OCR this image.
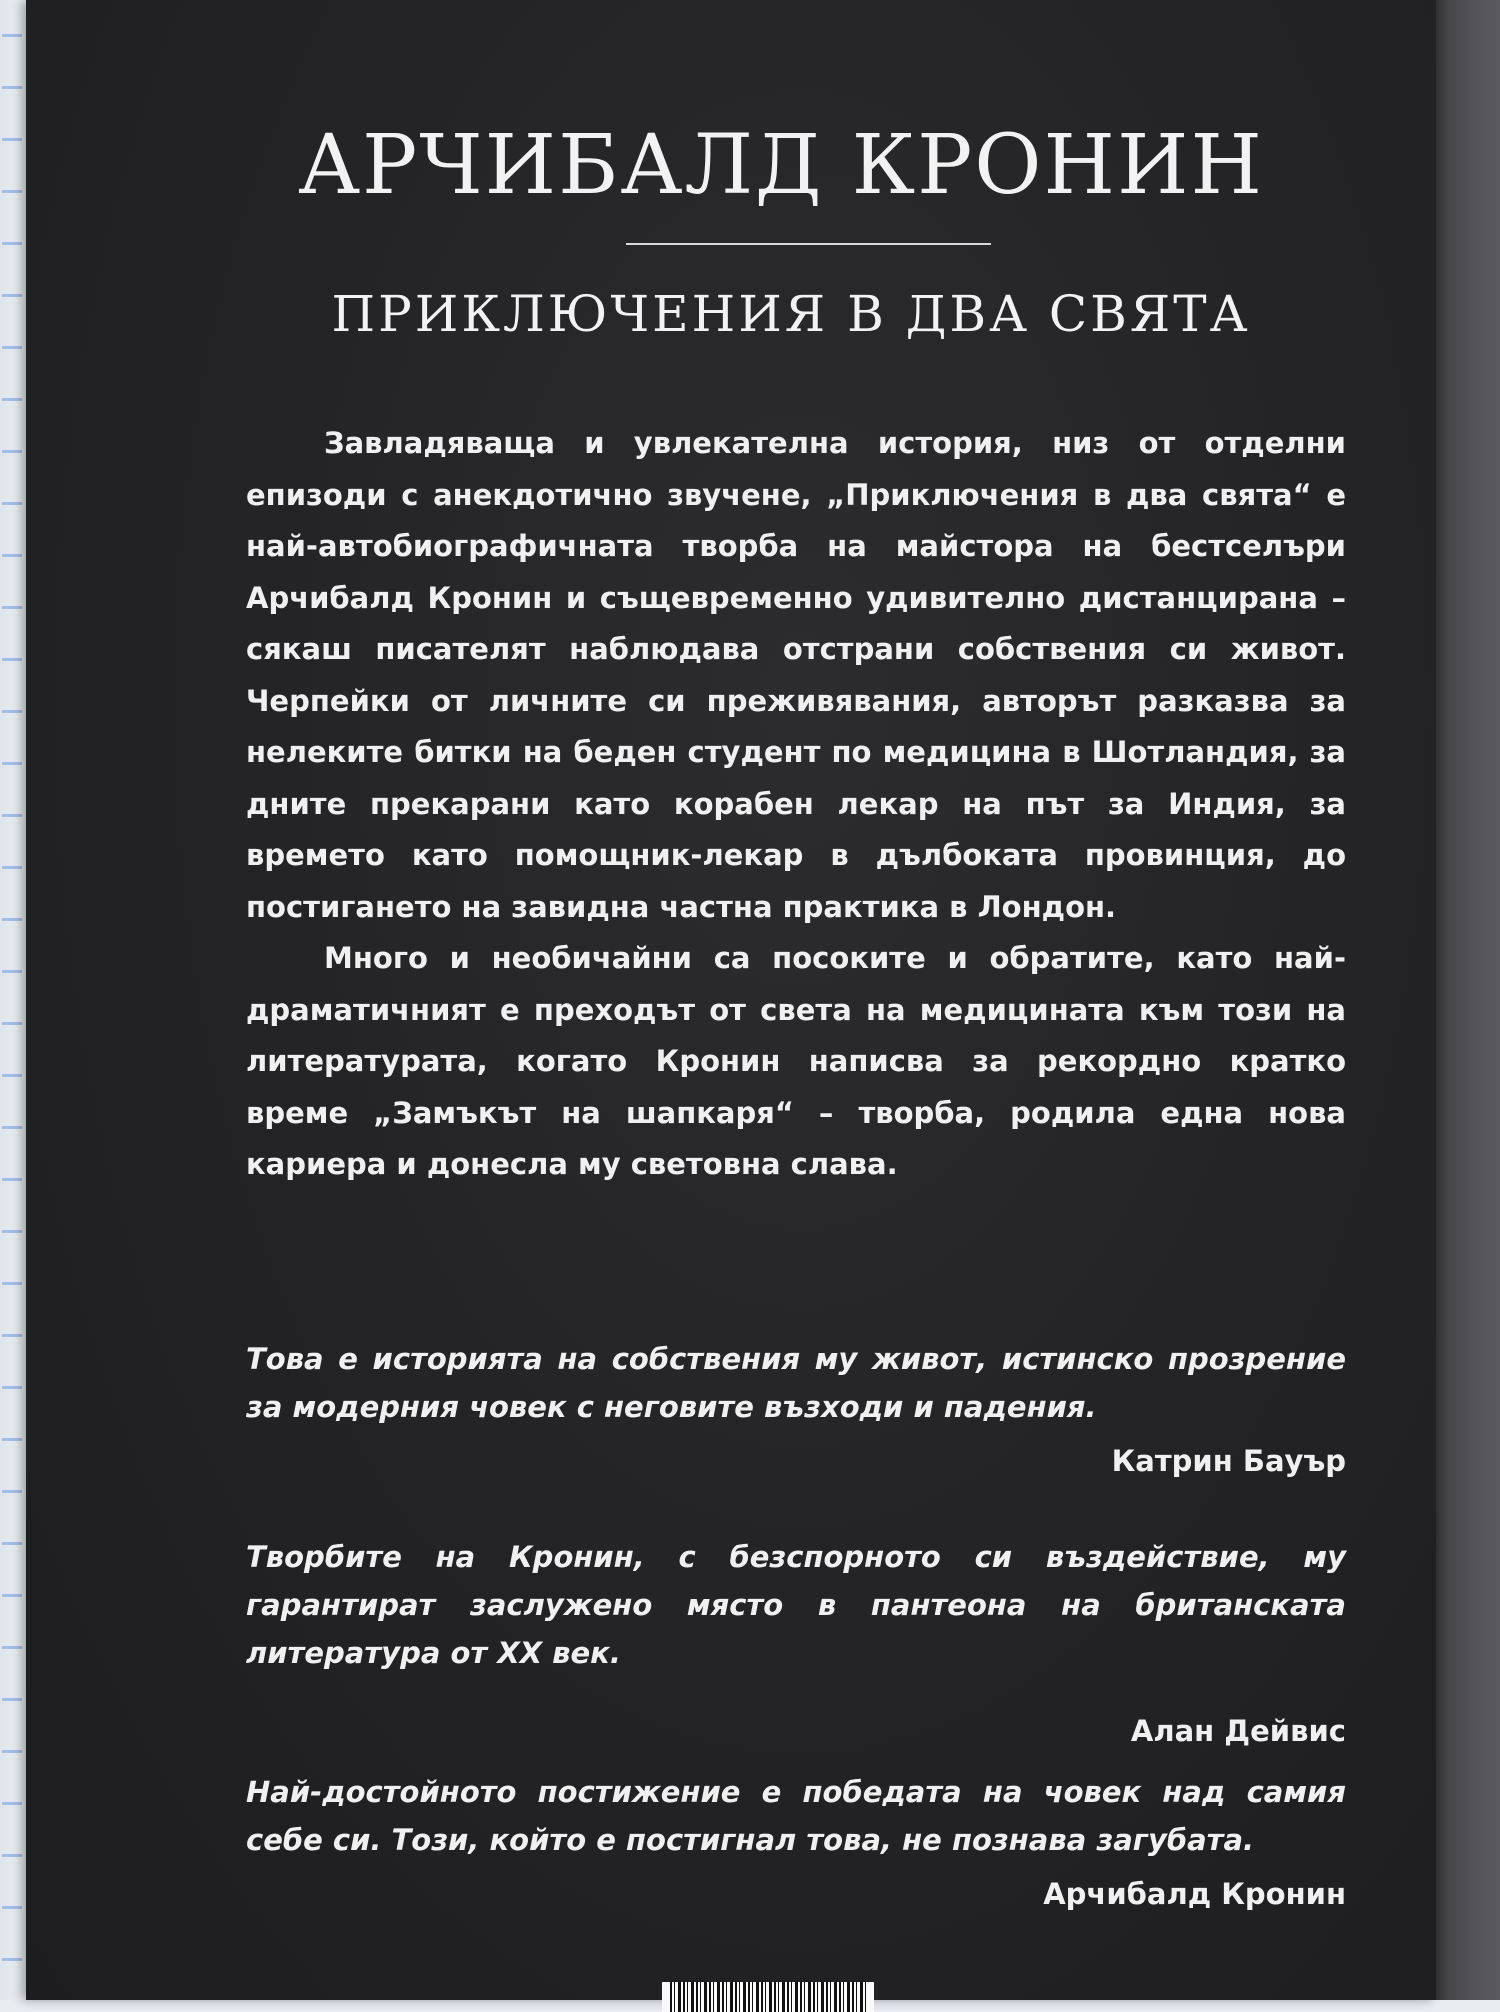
АРЧИБАЛД КРОНИН
ПРИКЛЮЧЕНИЯ В ДВА СВЯТА

Завладяваща и увлекателна история, низ от отделни епизоди с анекдотично звучене, „Приключения в два свята“ е най-автобиографичната творба на майстора на бестселъри Арчибалд Кронин и същевременно удивително дистанцирана – сякаш писателят наблюдава отстрани собствения си живот. Черпейки от личните си преживявания, авторът разказва за нелеките битки на беден студент по медицина в Шотландия, за дните прекарани като корабен лекар на път за Индия, за времето като помощник-лекар в дълбоката провинция, до постигането на завидна частна практика в Лондон.

Много и необичайни са посоките и обратите, като най-драматичният е преходът от света на медицината към този на литературата, когато Кронин написва за рекордно кратко време „Замъкът на шапкаря“ – творба, родила една нова кариера и донесла му световна слава.

Това е историята на собствения му живот, истинско прозрение за модерния човек с неговите възходи и падения.

Катрин Бауър

Творбите на Кронин, с безспорното си въздействие, му гарантират заслужено място в пантеона на британската литература от XX век.

Алан Дейвис

Най-достойното постижение е победата на човек над самия себе си. Този, който е постигнал това, не познава загубата.

Арчибалд Кронин
